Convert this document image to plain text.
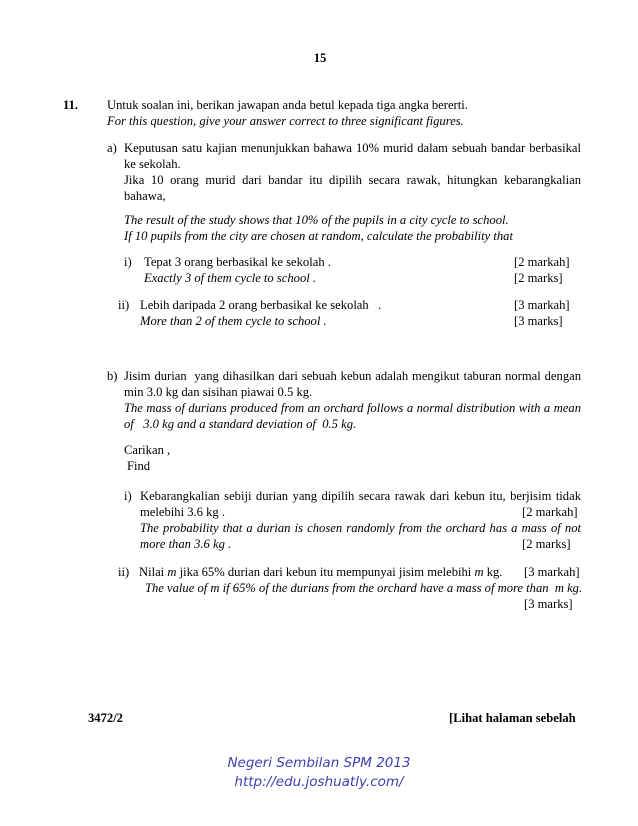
15
11. Untuk soalan ini, berikan jawapan anda betul kepada tiga angka bererti.
For this question, give your answer correct to three significant figures.
a) Keputusan satu kajian menunjukkan bahawa 10% murid dalam sebuah bandar berbasikal
ke sekolah.
Jika 10 orang murid dari bandar itu dipilih secara rawak, hitungkan kebarangkalian
bahawa,
The result of the study shows that 10% of the pupils in a city cycle to school.
If 10 pupils from the city are chosen at random, calculate the probability that
i) Tepat 3 orang berbasikal ke sekolah .	[2 markah]
Exactly 3 of them cycle to school .	[2 marks]
ii) Lebih daripada 2 orang berbasikal ke sekolah   .	[3 markah]
More than 2 of them cycle to school .	[3 marks]
b) Jisim durian  yang dihasilkan dari sebuah kebun adalah mengikut taburan normal dengan
min 3.0 kg dan sisihan piawai 0.5 kg.
The mass of durians produced from an orchard follows a normal distribution with a mean
of   3.0 kg and a standard deviation of  0.5 kg.
Carikan ,
Find
i) Kebarangkalian sebiji durian yang dipilih secara rawak dari kebun itu, berjisim tidak
melebihi 3.6 kg .	[2 markah]
The probability that a durian is chosen randomly from the orchard has a mass of not
more than 3.6 kg .	[2 marks]
ii) Nilai m jika 65% durian dari kebun itu mempunyai jisim melebihi m kg. [3 markah]
The value of m if 65% of the durians from the orchard have a mass of more than  m kg.
[3 marks]
3472/2	[Lihat halaman sebelah
Negeri Sembilan SPM 2013
http://edu.joshuatly.com/
